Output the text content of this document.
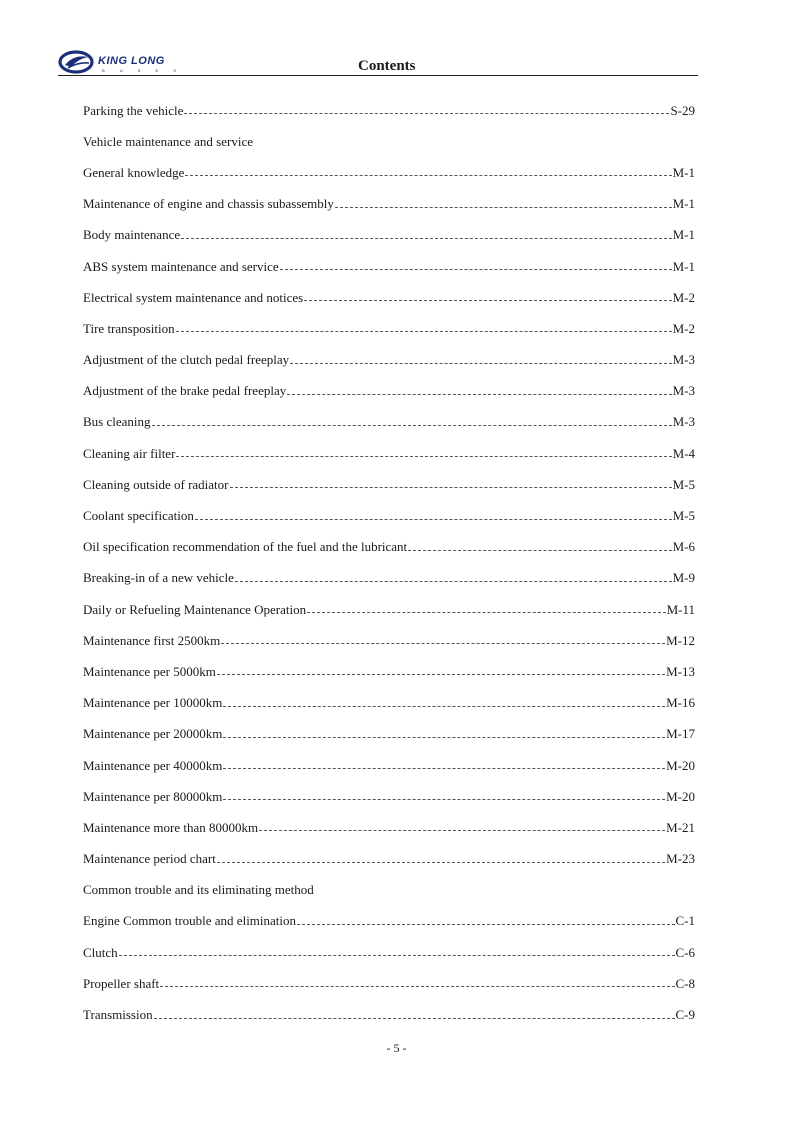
KING LONG
B U S E S	Contents
Parking the vehicle	S-29
Vehicle maintenance and service
General knowledge	M-1
Maintenance of engine and chassis subassembly	M-1
Body maintenance	M-1
ABS system maintenance and service	M-1
Electrical system maintenance and notices	M-2
Tire transposition	M-2
Adjustment of the clutch pedal freeplay	M-3
Adjustment of the brake pedal freeplay	M-3
Bus cleaning	M-3
Cleaning air filter	M-4
Cleaning outside of radiator	M-5
Coolant specification	M-5
Oil specification recommendation of the fuel and the lubricant	M-6
Breaking-in of a new vehicle	M-9
Daily or Refueling Maintenance Operation	M-11
Maintenance first 2500km	M-12
Maintenance per 5000km	M-13
Maintenance per 10000km	M-16
Maintenance per 20000km	M-17
Maintenance per 40000km	M-20
Maintenance per 80000km	M-20
Maintenance more than 80000km	M-21
Maintenance period chart	M-23
Common trouble and its eliminating method
Engine Common trouble and elimination	C-1
Clutch	C-6
Propeller shaft	C-8
Transmission	C-9
- 5 -
